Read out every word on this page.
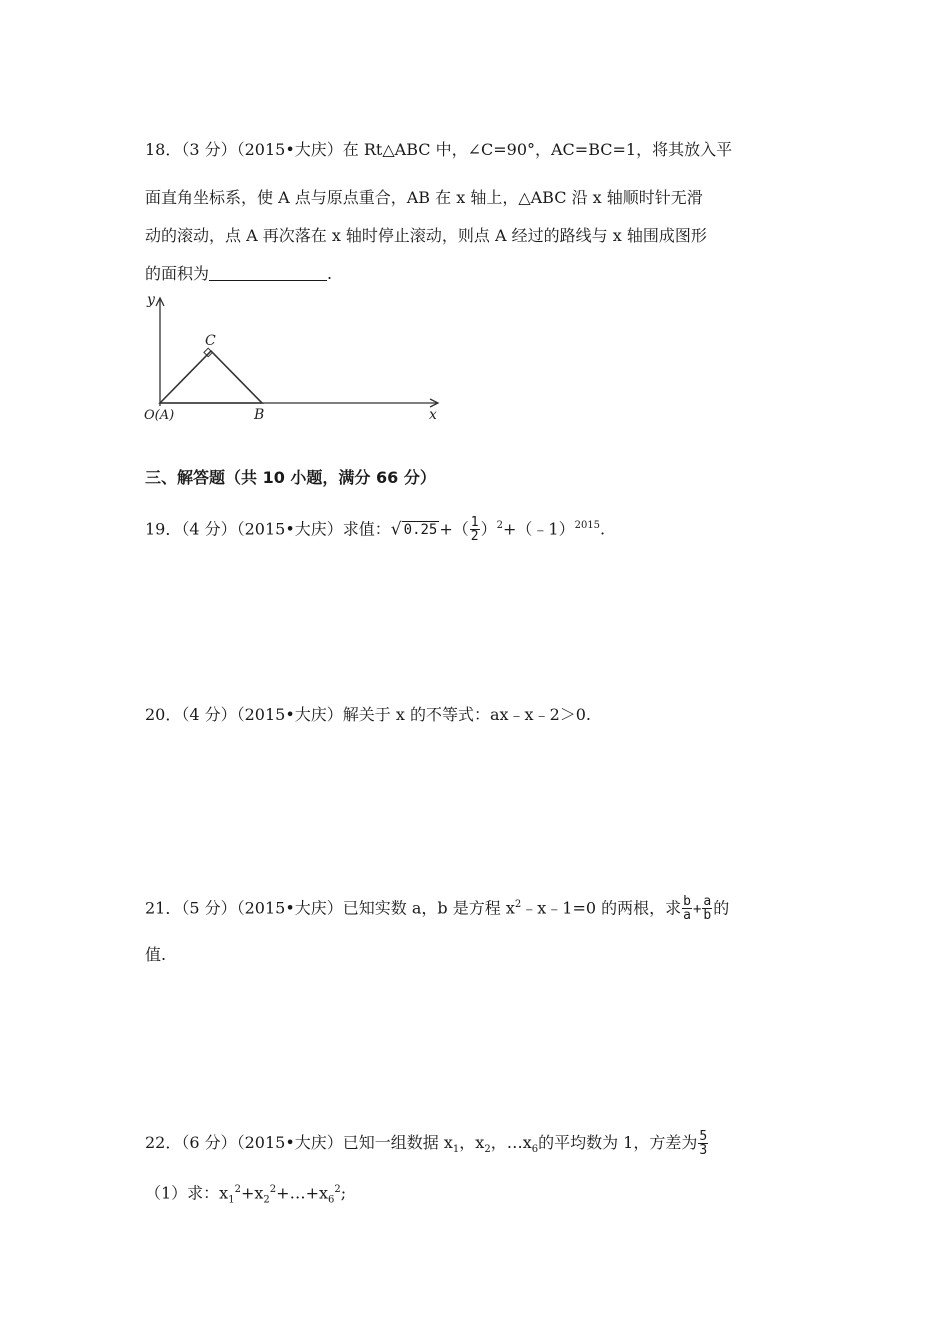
18．（3 分）（2015•大庆）在 Rt△ABC 中，∠C=90°，AC=BC=1，将其放入平
面直角坐标系，使 A 点与原点重合，AB 在 x 轴上，△ABC 沿 x 轴顺时针无滑
动的滚动，点 A 再次落在 x 轴时停止滚动，则点 A 经过的路线与 x 轴围成图形
的面积为	.
y
x
C
O(A)	B
三、解答题（共 10 小题，满分 66 分）
19．（4 分）（2015•大庆）求值：√ 0.25 +（ $\frac{1}{2}$ ）$^2$+（﹣1）$^{2015}$.
20．（4 分）（2015•大庆）解关于 x 的不等式：ax﹣x﹣2＞0.
21．（5 分）（2015•大庆）已知实数 a，b 是方程 $x^2﹣x﹣1=0$ 的两根，求 $\frac{b}{a} + \frac{a}{b}$ 的
值.
22．（6 分）（2015•大庆）已知一组数据 $x_1$，$x_2$，$\dots x_6$的平均数为 1，方差为 $\frac{5}{3}$
（1）求：$x_1^2+x_2^2+\dots+x_6^2$;
